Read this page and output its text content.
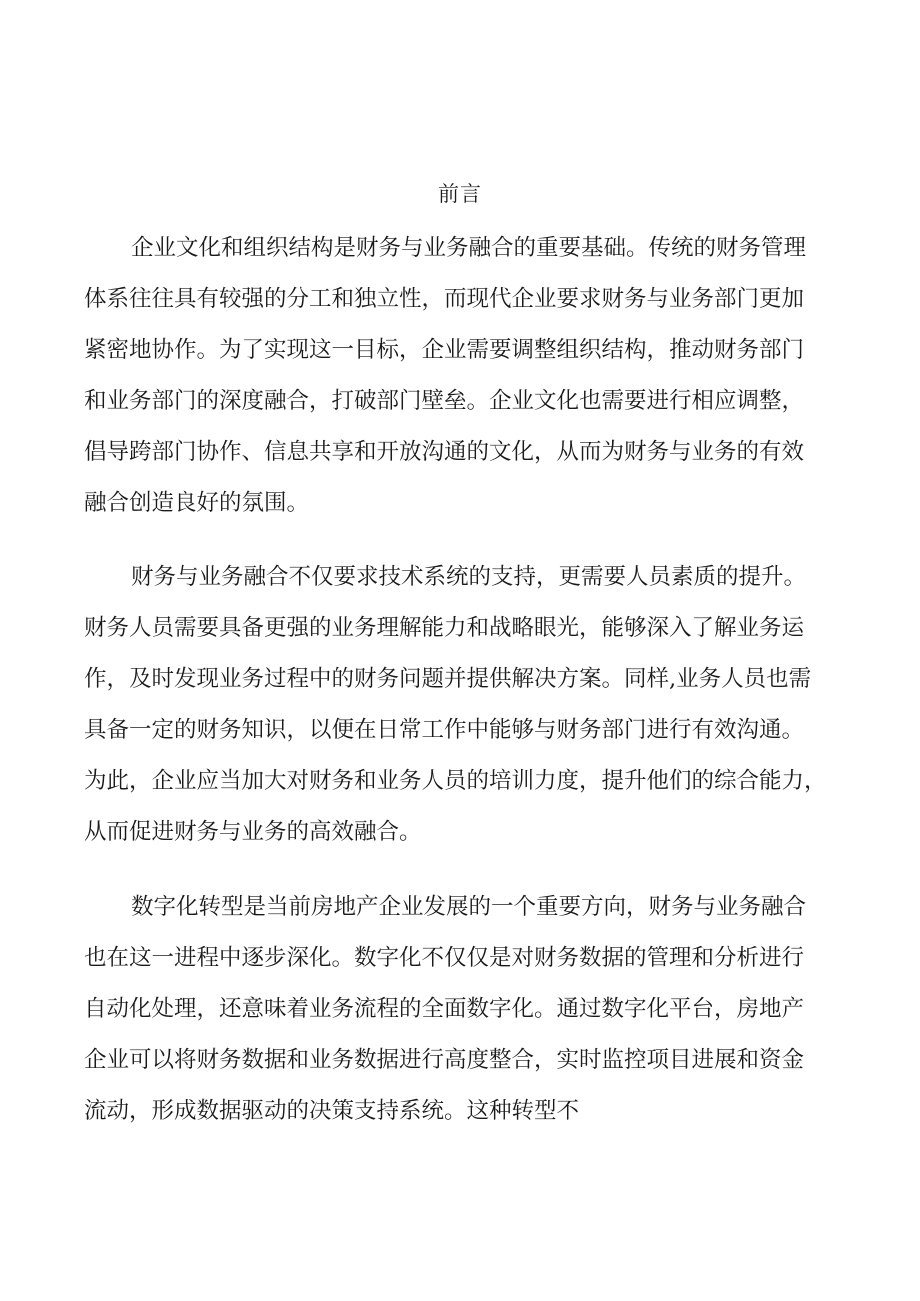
前言
企业文化和组织结构是财务与业务融合的重要基础。传统的财务管理
体系往往具有较强的分工和独立性，而现代企业要求财务与业务部门更加
紧密地协作。为了实现这一目标，企业需要调整组织结构，推动财务部门
和业务部门的深度融合，打破部门壁垒。企业文化也需要进行相应调整，
倡导跨部门协作、信息共享和开放沟通的文化，从而为财务与业务的有效
融合创造良好的氛围。
财务与业务融合不仅要求技术系统的支持，更需要人员素质的提升。
财务人员需要具备更强的业务理解能力和战略眼光，能够深入了解业务运
作，及时发现业务过程中的财务问题并提供解决方案。同样,业务人员也需
具备一定的财务知识，以便在日常工作中能够与财务部门进行有效沟通。
为此，企业应当加大对财务和业务人员的培训力度，提升他们的综合能力，
从而促进财务与业务的高效融合。
数字化转型是当前房地产企业发展的一个重要方向，财务与业务融合
也在这一进程中逐步深化。数字化不仅仅是对财务数据的管理和分析进行
自动化处理，还意味着业务流程的全面数字化。通过数字化平台，房地产
企业可以将财务数据和业务数据进行高度整合，实时监控项目进展和资金
流动，形成数据驱动的决策支持系统。这种转型不
